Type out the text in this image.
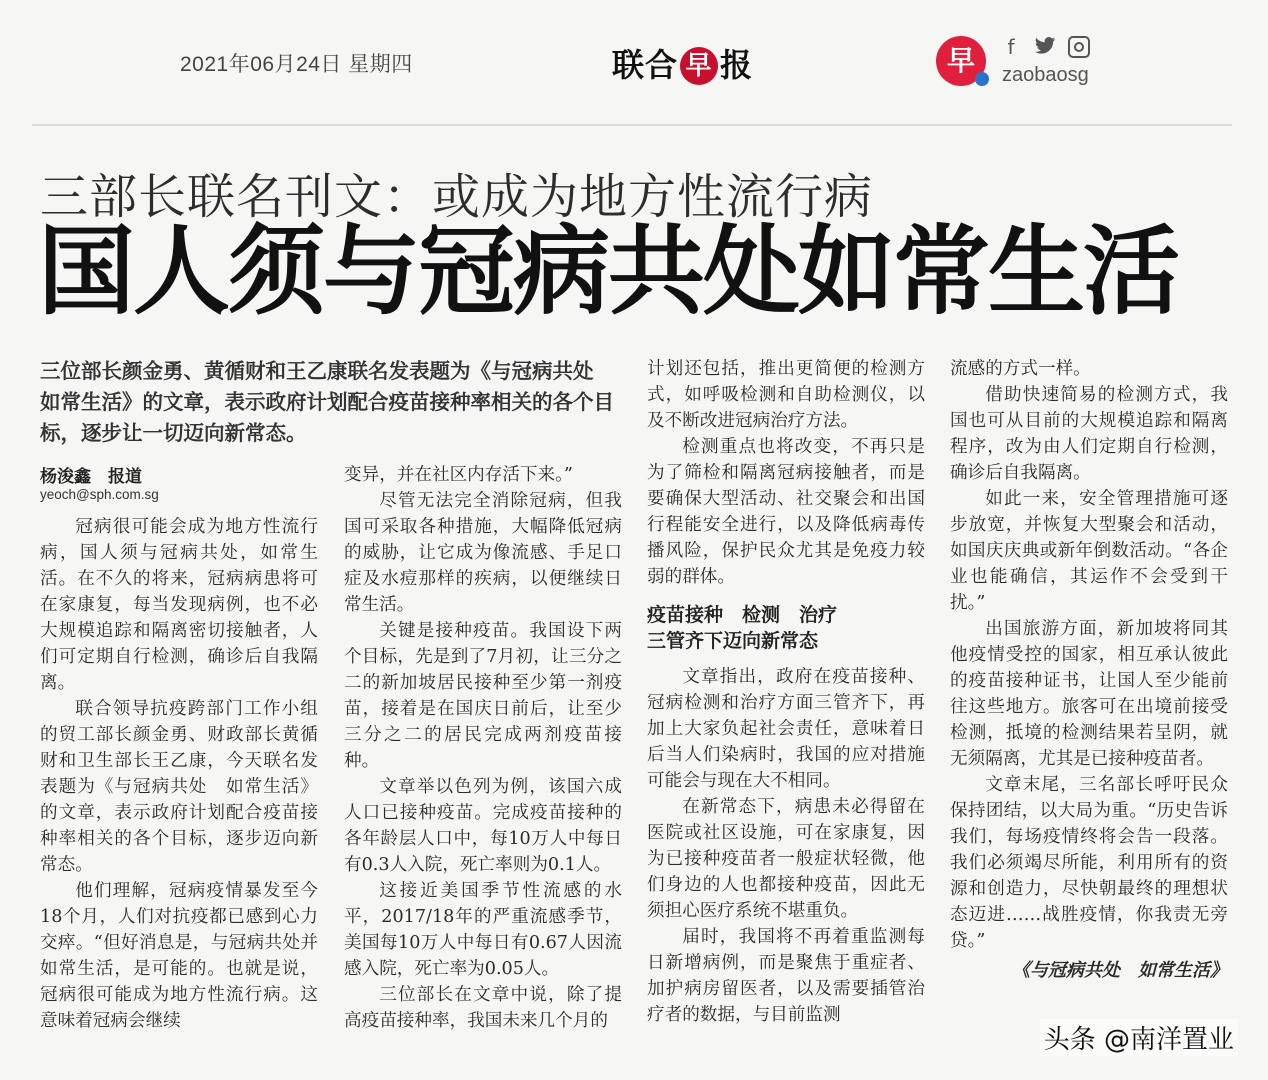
2021年06月24日 星期四	联合 早 报	早	f
zaobaosg
三部长联名刊文：或成为地方性流行病
国人须与冠病共处如常生活
三位部长颜金勇、黄循财和王乙康联名发表题为《与冠病共处　如常生活》的文章，表示政府计划配合疫苗接种率相关的各个目标，逐步让一切迈向新常态。
杨浚鑫　报道
yeoch@sph.com.sg

冠病很可能会成为地方性流行病，国人须与冠病共处，如常生活。在不久的将来，冠病病患将可在家康复，每当发现病例，也不必大规模追踪和隔离密切接触者，人们可定期自行检测，确诊后自我隔离。

联合领导抗疫跨部门工作小组的贸工部长颜金勇、财政部长黄循财和卫生部长王乙康，今天联名发表题为《与冠病共处　如常生活》的文章，表示政府计划配合疫苗接种率相关的各个目标，逐步迈向新常态。

他们理解，冠病疫情暴发至今18个月，人们对抗疫都已感到心力交瘁。“但好消息是，与冠病共处并如常生活，是可能的。也就是说，冠病很可能成为地方性流行病。这意味着冠病会继续

变异，并在社区内存活下来。”

尽管无法完全消除冠病，但我国可采取各种措施，大幅降低冠病的威胁，让它成为像流感、手足口症及水痘那样的疾病，以便继续日常生活。

关键是接种疫苗。我国设下两个目标，先是到了7月初，让三分之二的新加坡居民接种至少第一剂疫苗，接着是在国庆日前后，让至少三分之二的居民完成两剂疫苗接种。

文章举以色列为例，该国六成人口已接种疫苗。完成疫苗接种的各年龄层人口中，每10万人中每日有0.3人入院，死亡率则为0.1人。

这接近美国季节性流感的水平，2017/18年的严重流感季节，美国每10万人中每日有0.67人因流感入院，死亡率为0.05人。

三位部长在文章中说，除了提高疫苗接种率，我国未来几个月的

计划还包括，推出更简便的检测方式，如呼吸检测和自助检测仪，以及不断改进冠病治疗方法。

检测重点也将改变，不再只是为了筛检和隔离冠病接触者，而是要确保大型活动、社交聚会和出国行程能安全进行，以及降低病毒传播风险，保护民众尤其是免疫力较弱的群体。

疫苗接种　检测　治疗
三管齐下迈向新常态

文章指出，政府在疫苗接种、冠病检测和治疗方面三管齐下，再加上大家负起社会责任，意味着日后当人们染病时，我国的应对措施可能会与现在大不相同。

在新常态下，病患未必得留在医院或社区设施，可在家康复，因为已接种疫苗者一般症状轻微，他们身边的人也都接种疫苗，因此无须担心医疗系统不堪重负。

届时，我国将不再着重监测每日新增病例，而是聚焦于重症者、加护病房留医者，以及需要插管治疗者的数据，与目前监测

流感的方式一样。

借助快速简易的检测方式，我国也可从目前的大规模追踪和隔离程序，改为由人们定期自行检测，确诊后自我隔离。

如此一来，安全管理措施可逐步放宽，并恢复大型聚会和活动，如国庆庆典或新年倒数活动。“各企业也能确信，其运作不会受到干扰。”

出国旅游方面，新加坡将同其他疫情受控的国家，相互承认彼此的疫苗接种证书，让国人至少能前往这些地方。旅客可在出境前接受检测，抵境的检测结果若呈阴，就无须隔离，尤其是已接种疫苗者。

文章末尾，三名部长呼吁民众保持团结，以大局为重。“历史告诉我们，每场疫情终将会告一段落。我们必须竭尽所能，利用所有的资源和创造力，尽快朝最终的理想状态迈进……战胜疫情，你我责无旁贷。”

《与冠病共处　如常生活》
头条 @南洋置业
